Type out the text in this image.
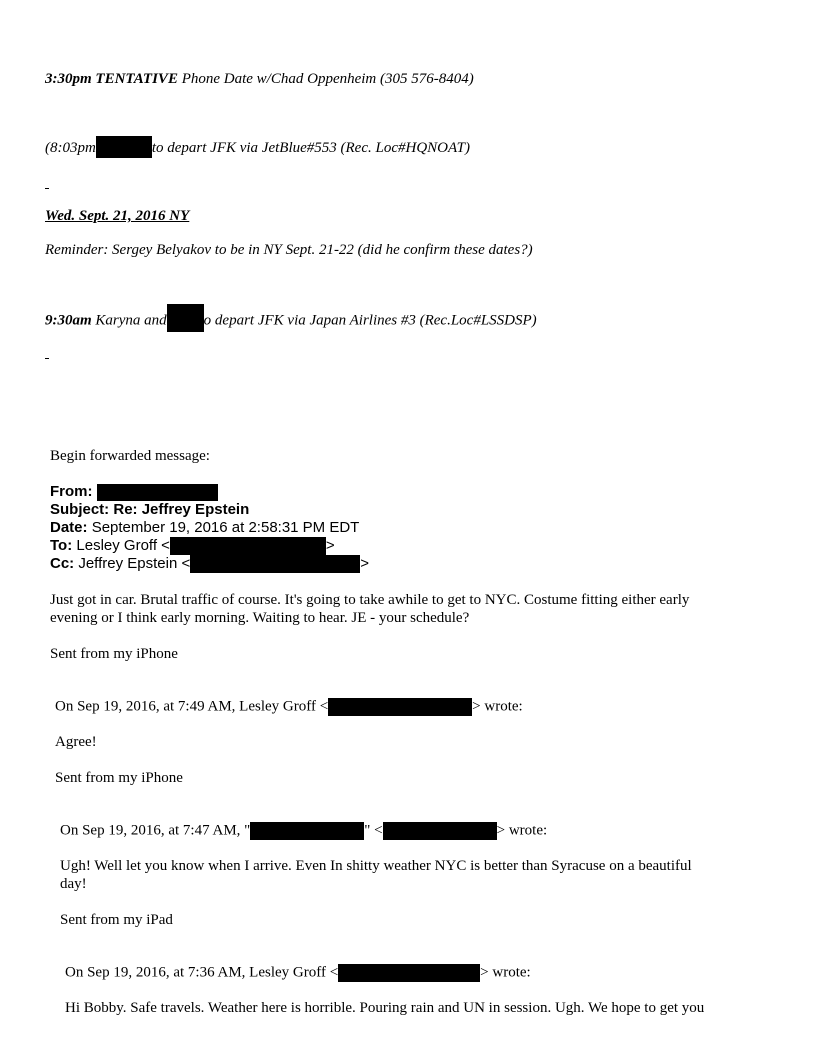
3:30pm TENTATIVE Phone Date w/Chad Oppenheim (305 576-8404)
(8:03pm	to depart JFK via JetBlue#553 (Rec. Loc#HQNOAT)
Wed. Sept. 21, 2016 NY
Reminder: Sergey Belyakov to be in NY Sept. 21-22 (did he confirm these dates?)
9:30am Karyna and o depart JFK via Japan Airlines #3 (Rec.Loc#LSSDSP)
Begin forwarded message:
From:
Subject: Re: Jeffrey Epstein
Date: September 19, 2016 at 2:58:31 PM EDT
To: Lesley Groff <	>
Cc: Jeffrey Epstein <	>
Just got in car. Brutal traffic of course. It's going to take awhile to get to NYC. Costume fitting either early
evening or I think early morning. Waiting to hear. JE - your schedule?
Sent from my iPhone
On Sep 19, 2016, at 7:49 AM, Lesley Groff <	> wrote:
Agree!
Sent from my iPhone
On Sep 19, 2016, at 7:47 AM, "	" <	> wrote:
Ugh! Well let you know when I arrive. Even In shitty weather NYC is better than Syracuse on a beautiful
day!
Sent from my iPad
On Sep 19, 2016, at 7:36 AM, Lesley Groff <	> wrote:
Hi Bobby. Safe travels. Weather here is horrible. Pouring rain and UN in session. Ugh. We hope to get you
